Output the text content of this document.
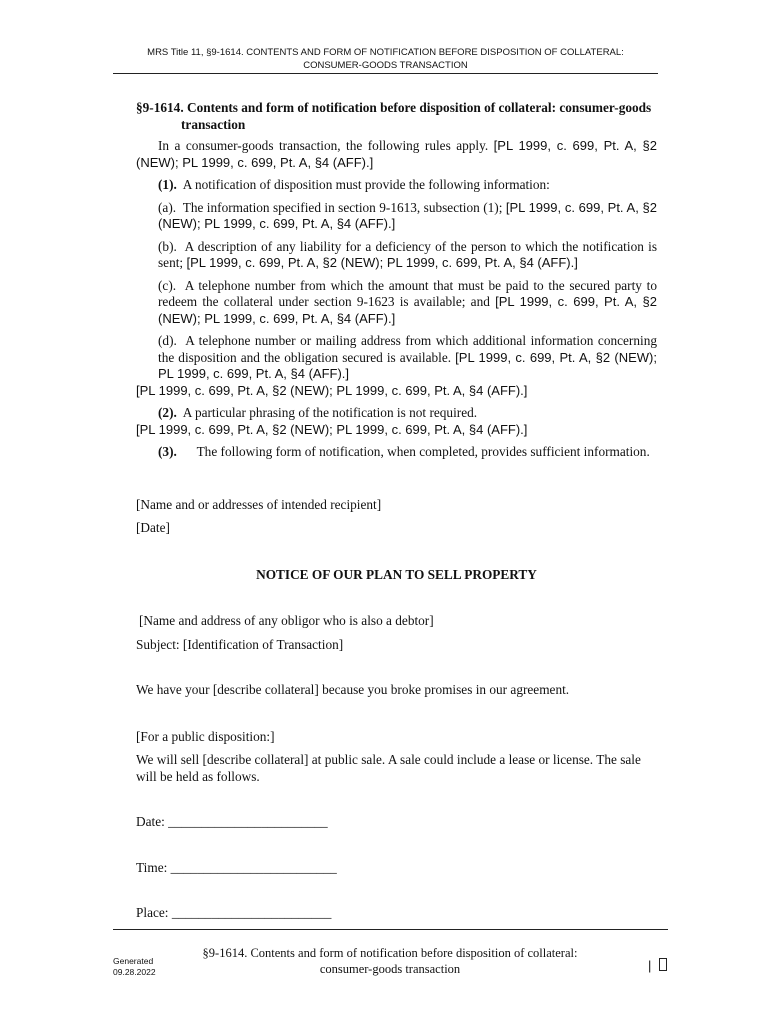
MRS Title 11, §9-1614. CONTENTS AND FORM OF NOTIFICATION BEFORE DISPOSITION OF COLLATERAL:
CONSUMER-GOODS TRANSACTION

§9-1614. Contents and form of notification before disposition of collateral: consumer-goods transaction

In a consumer-goods transaction, the following rules apply. [PL 1999, c. 699, Pt. A, §2 (NEW); PL 1999, c. 699, Pt. A, §4 (AFF).]

(1). A notification of disposition must provide the following information:

(a). The information specified in section 9-1613, subsection (1); [PL 1999, c. 699, Pt. A, §2 (NEW); PL 1999, c. 699, Pt. A, §4 (AFF).]

(b). A description of any liability for a deficiency of the person to which the notification is sent; [PL 1999, c. 699, Pt. A, §2 (NEW); PL 1999, c. 699, Pt. A, §4 (AFF).]

(c). A telephone number from which the amount that must be paid to the secured party to redeem the collateral under section 9-1623 is available; and [PL 1999, c. 699, Pt. A, §2 (NEW); PL 1999, c. 699, Pt. A, §4 (AFF).]

(d). A telephone number or mailing address from which additional information concerning the disposition and the obligation secured is available. [PL 1999, c. 699, Pt. A, §2 (NEW); PL 1999, c. 699, Pt. A, §4 (AFF).]

[PL 1999, c. 699, Pt. A, §2 (NEW); PL 1999, c. 699, Pt. A, §4 (AFF).]

(2). A particular phrasing of the notification is not required.

[PL 1999, c. 699, Pt. A, §2 (NEW); PL 1999, c. 699, Pt. A, §4 (AFF).]

(3). The following form of notification, when completed, provides sufficient information.

[Name and or addresses of intended recipient]

[Date]

NOTICE OF OUR PLAN TO SELL PROPERTY

[Name and address of any obligor who is also a debtor]

Subject: [Identification of Transaction]

We have your [describe collateral] because you broke promises in our agreement.

[For a public disposition:]

We will sell [describe collateral] at public sale. A sale could include a lease or license. The sale will be held as follows.

Date: ________________________

Time: _________________________

Place: ________________________

Generated
09.28.2022
§9-1614. Contents and form of notification before disposition of collateral:
consumer-goods transaction	|
